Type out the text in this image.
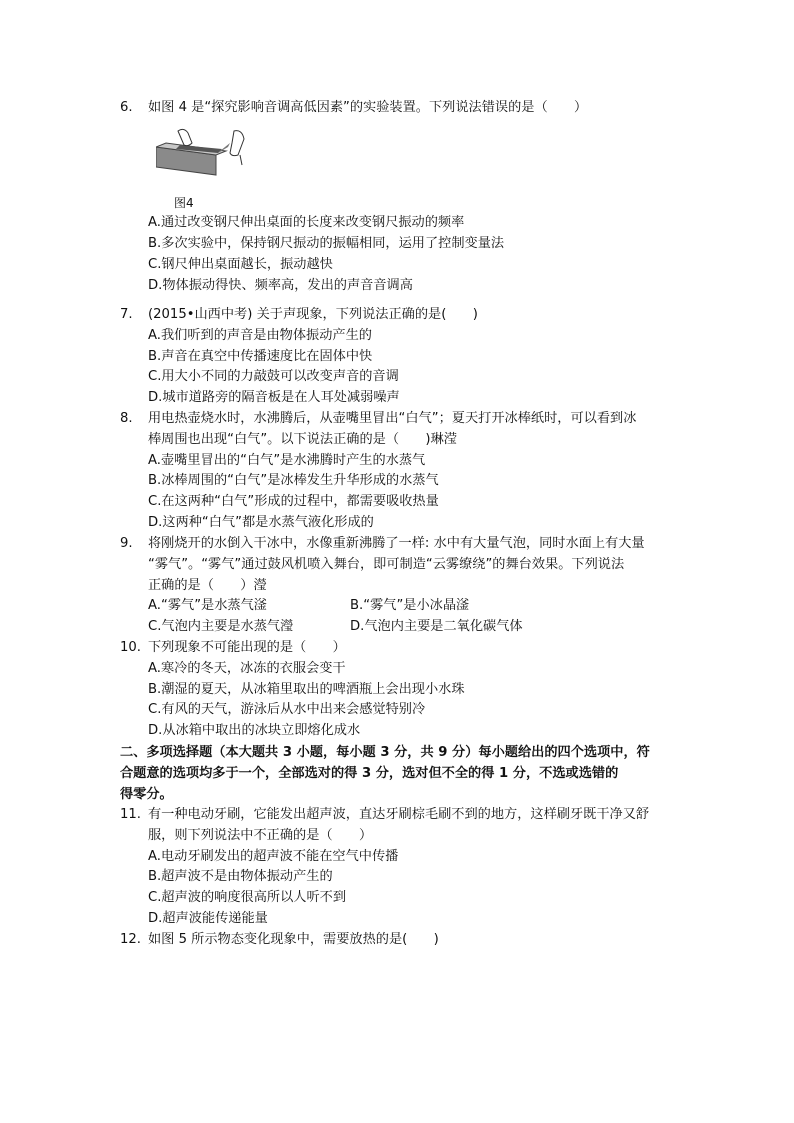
6.	如图 4 是“探究影响音调高低因素”的实验装置。下列说法错误的是（　　）
图4
A.通过改变钢尺伸出桌面的长度来改变钢尺振动的频率
B.多次实验中，保持钢尺振动的振幅相同，运用了控制变量法
C.钢尺伸出桌面越长，振动越快
D.物体振动得快、频率高，发出的声音音调高
7.	(2015•山西中考) 关于声现象，下列说法正确的是(　　)
A.我们听到的声音是由物体振动产生的
B.声音在真空中传播速度比在固体中快
C.用大小不同的力敲鼓可以改变声音的音调
D.城市道路旁的隔音板是在人耳处减弱噪声
8.	用电热壶烧水时，水沸腾后，从壶嘴里冒出“白气”；夏天打开冰棒纸时，可以看到冰
棒周围也出现“白气”。以下说法正确的是（　　)琳滢
A.壶嘴里冒出的“白气”是水沸腾时产生的水蒸气
B.冰棒周围的“白气”是冰棒发生升华形成的水蒸气
C.在这两种“白气”形成的过程中，都需要吸收热量
D.这两种“白气”都是水蒸气液化形成的
9.	将刚烧开的水倒入干冰中，水像重新沸腾了一样: 水中有大量气泡，同时水面上有大量
“雾气”。“雾气”通过鼓风机喷入舞台，即可制造“云雾缭绕”的舞台效果。下列说法
正确的是（　　）瀅
A.“雾气”是水蒸气滏	B.“雾气”是小冰晶滏
C.气泡内主要是水蒸气瀅	D.气泡内主要是二氧化碳气体
10. 下列现象不可能出现的是（　　）
A.寒冷的冬天，冰冻的衣服会变干
B.潮湿的夏天，从冰箱里取出的啤酒瓶上会出现小水珠
C.有风的天气，游泳后从水中出来会感觉特别冷
D.从冰箱中取出的冰块立即熔化成水
二、多项选择题（本大题共 3 小题，每小题 3 分，共 9 分）每小题给出的四个选项中，符
合题意的选项均多于一个，全部选对的得 3 分，选对但不全的得 1 分，不选或选错的
得零分。
11. 有一种电动牙刷，它能发出超声波，直达牙刷棕毛刷不到的地方，这样刷牙既干净又舒
服，则下列说法中不正确的是（　　）
A.电动牙刷发出的超声波不能在空气中传播
B.超声波不是由物体振动产生的
C.超声波的响度很高所以人听不到
D.超声波能传递能量
12. 如图 5 所示物态变化现象中，需要放热的是(　　)
